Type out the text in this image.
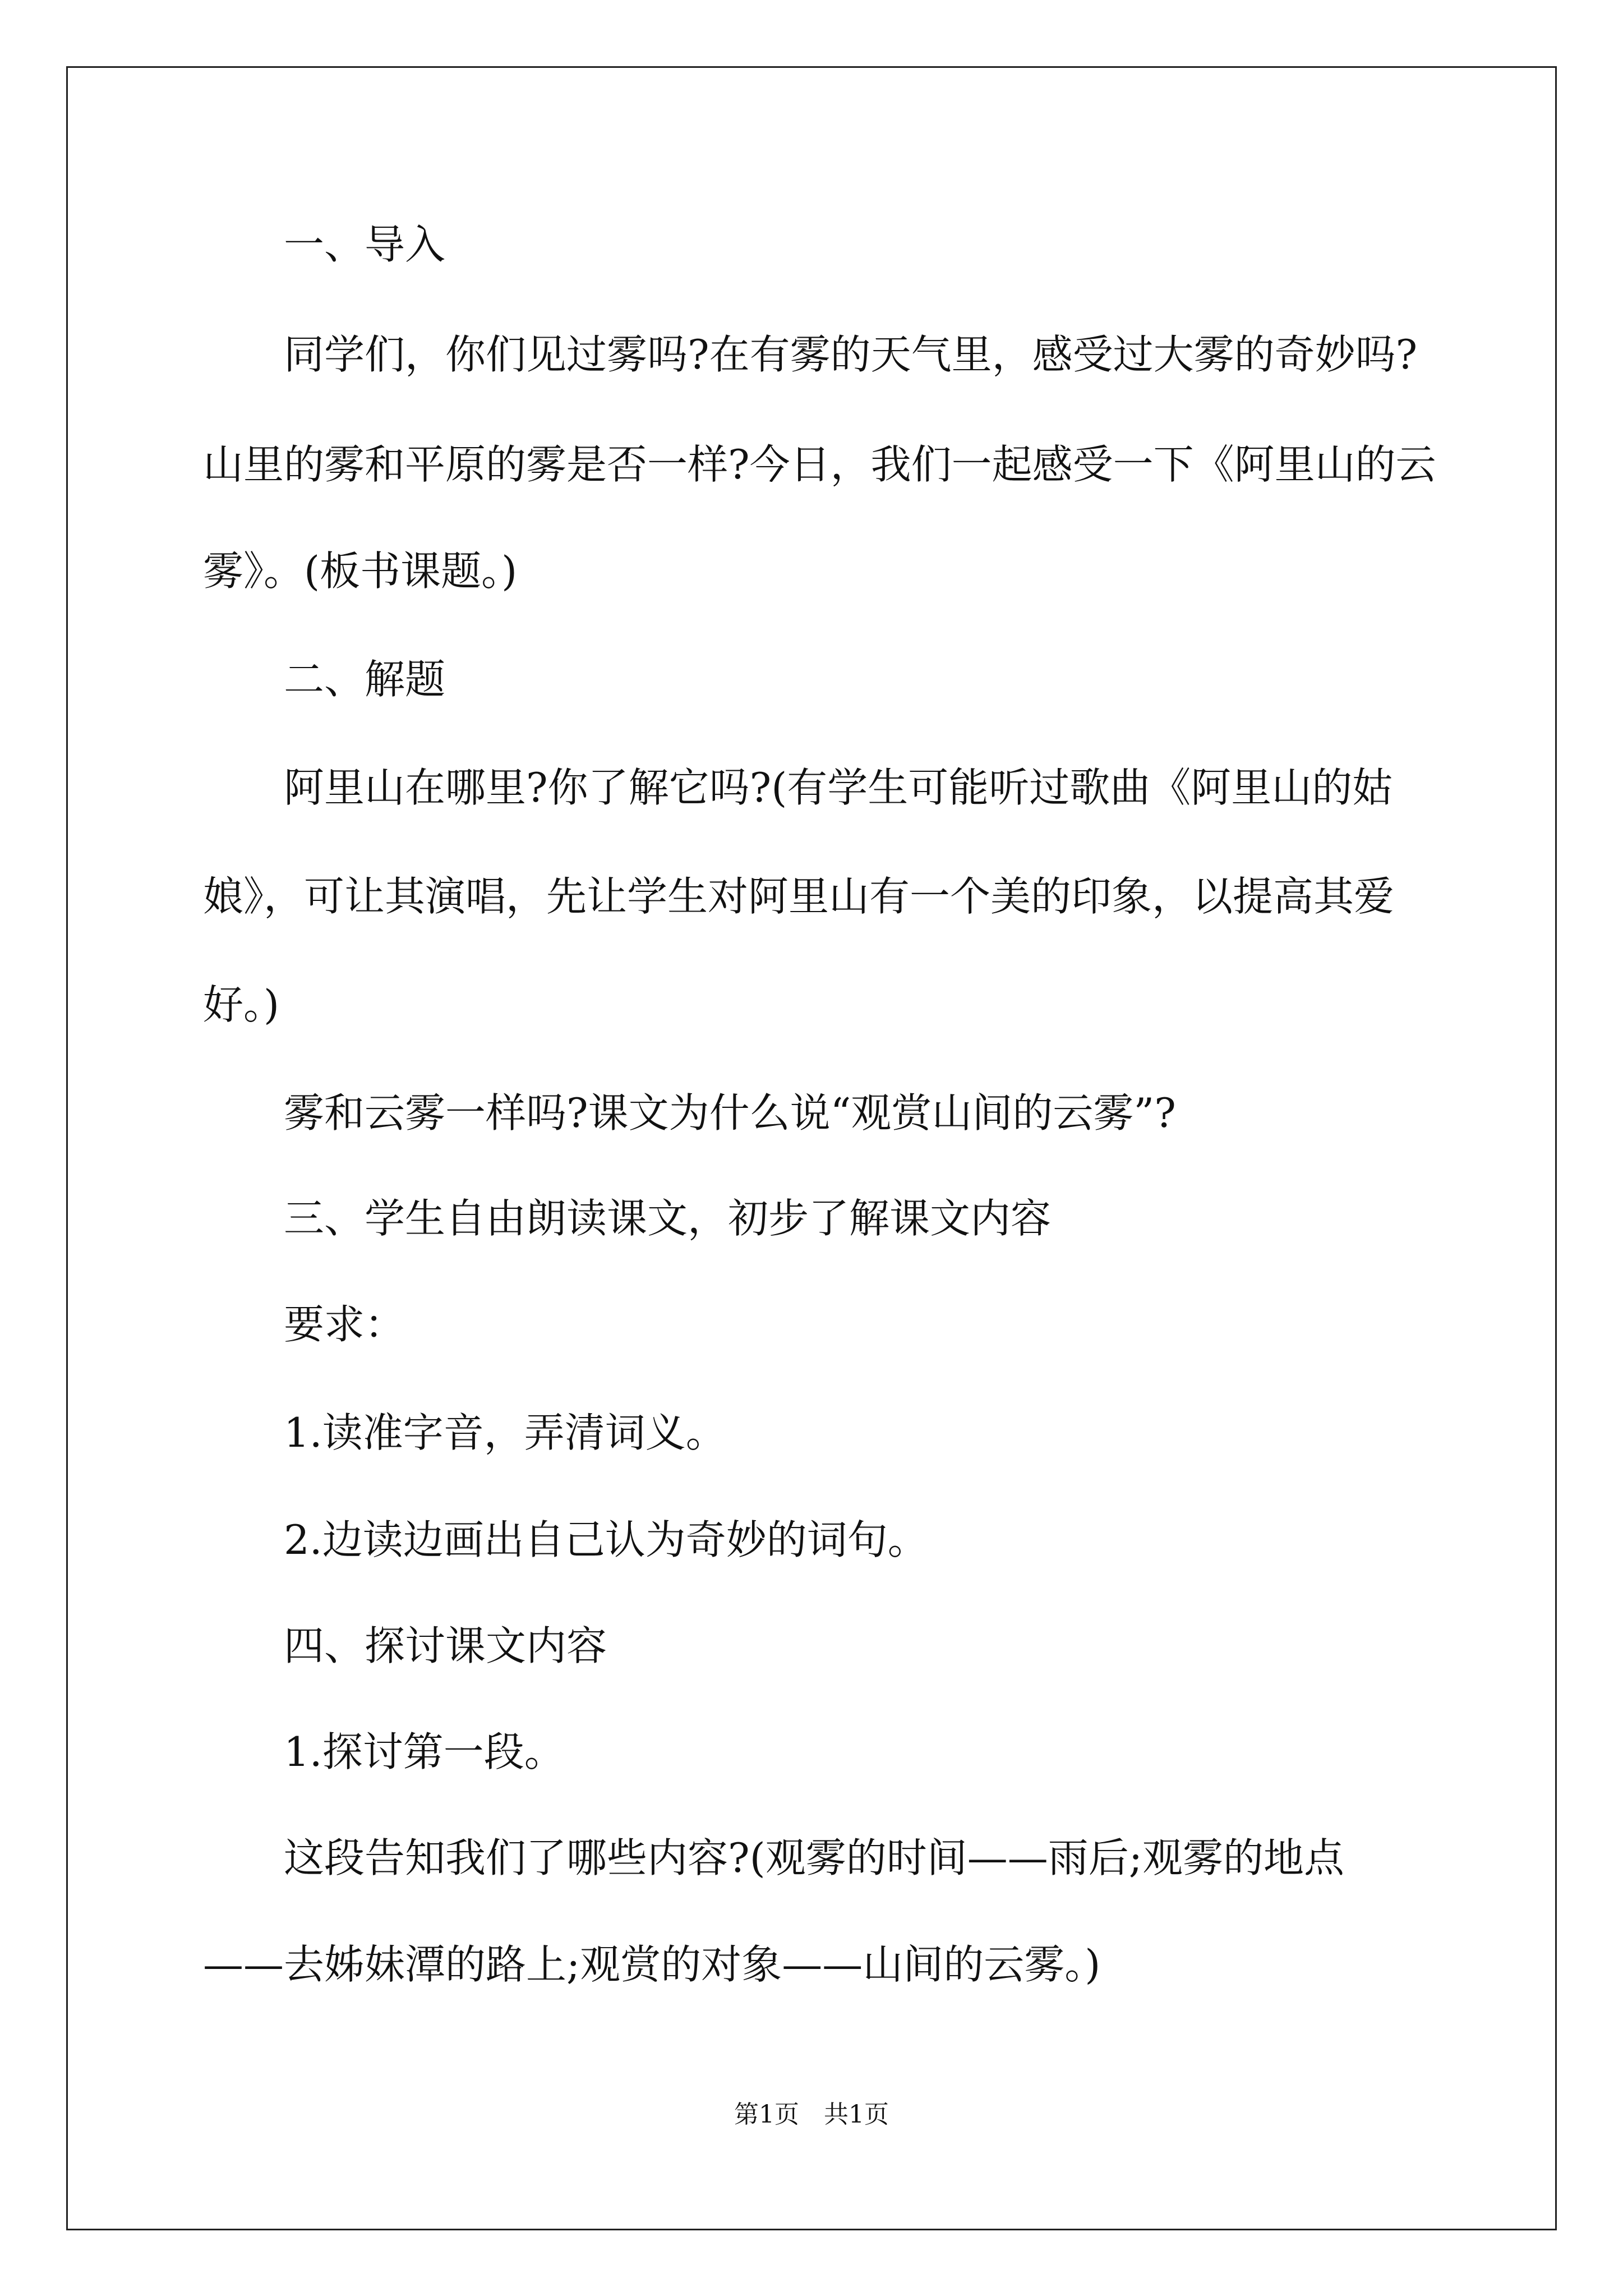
一、导入
同学们，你们见过雾吗?在有雾的天气里，感受过大雾的奇妙吗?
山里的雾和平原的雾是否一样?今日，我们一起感受一下《阿里山的云
雾》。(板书课题。)
二、解题
阿里山在哪里?你了解它吗?(有学生可能听过歌曲《阿里山的姑
娘》，可让其演唱，先让学生对阿里山有一个美的印象，以提高其爱
好。)
雾和云雾一样吗?课文为什么说“观赏山间的云雾”?
三、学生自由朗读课文，初步了解课文内容
要求：
1.读准字音，弄清词义。
2.边读边画出自己认为奇妙的词句。
四、探讨课文内容
1.探讨第一段。
这段告知我们了哪些内容?(观雾的时间——雨后;观雾的地点
——去姊妹潭的路上;观赏的对象——山间的云雾。)
第1页　共1页
